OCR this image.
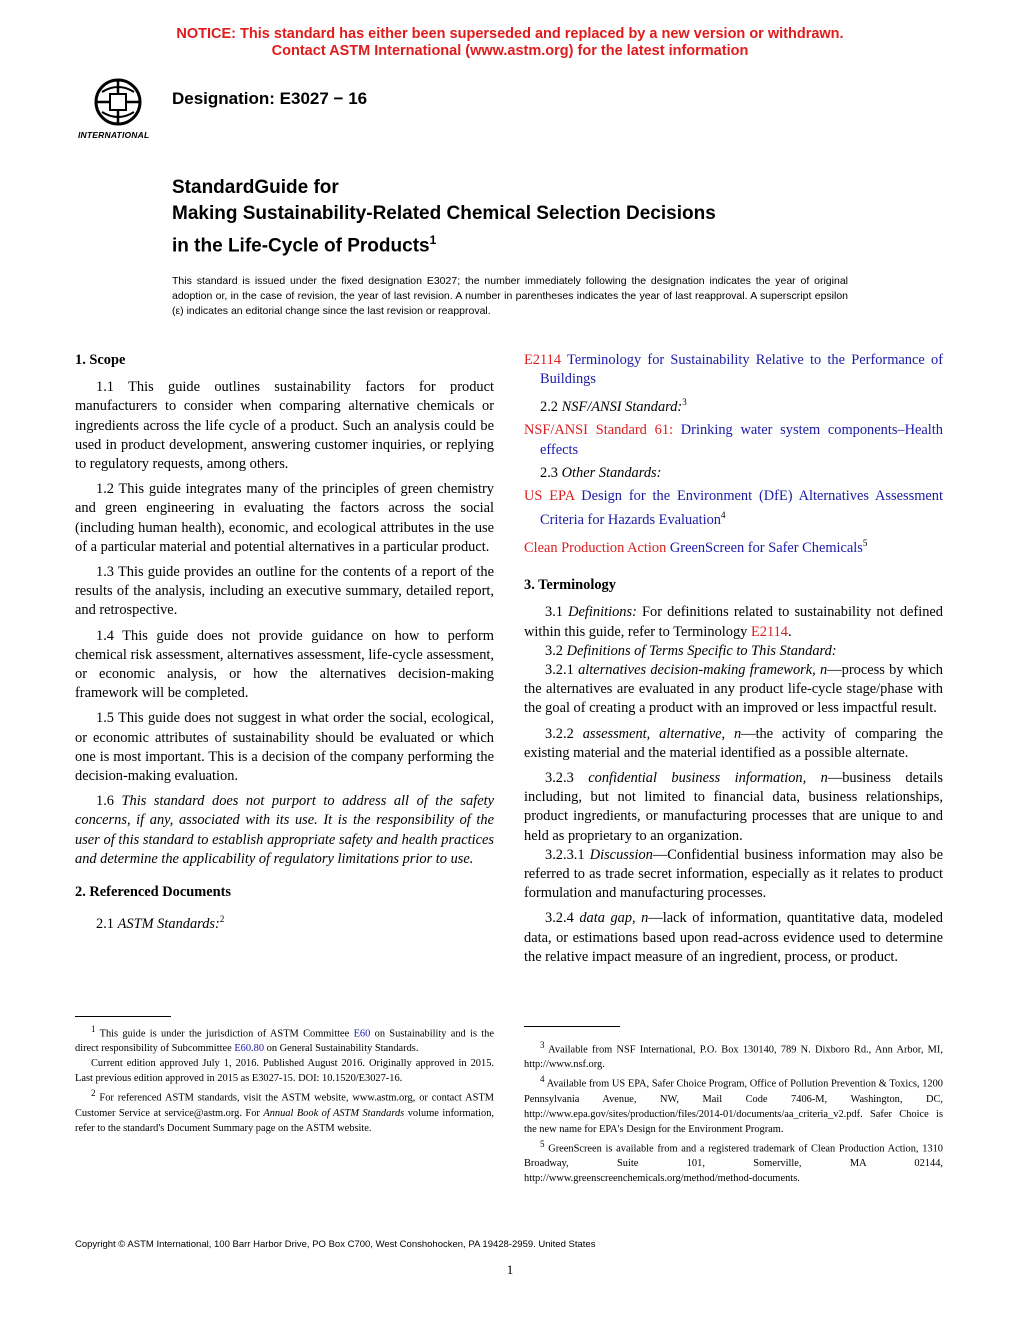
NOTICE: This standard has either been superseded and replaced by a new version or withdrawn.
Contact ASTM International (www.astm.org) for the latest information
INTERNATIONAL
Designation: E3027 − 16
StandardGuide for
Making Sustainability-Related Chemical Selection Decisions
in the Life-Cycle of Products$^1$
This standard is issued under the fixed designation E3027; the number immediately following the designation indicates the year of original adoption or, in the case of revision, the year of last revision. A number in parentheses indicates the year of last reapproval. A superscript epsilon (ε) indicates an editorial change since the last revision or reapproval.
1. Scope

1.1 This guide outlines sustainability factors for product manufacturers to consider when comparing alternative chemicals or ingredients across the life cycle of a product. Such an analysis could be used in product development, answering customer inquiries, or replying to regulatory requests, among others.

1.2 This guide integrates many of the principles of green chemistry and green engineering in evaluating the factors across the social (including human health), economic, and ecological attributes in the use of a particular material and potential alternatives in a particular product.

1.3 This guide provides an outline for the contents of a report of the results of the analysis, including an executive summary, detailed report, and retrospective.

1.4 This guide does not provide guidance on how to perform chemical risk assessment, alternatives assessment, life-cycle assessment, or economic analysis, or how the alternatives decision-making framework will be completed.

1.5 This guide does not suggest in what order the social, ecological, or economic attributes of sustainability should be evaluated or which one is most important. This is a decision of the company performing the decision-making evaluation.

1.6 This standard does not purport to address all of the safety concerns, if any, associated with its use. It is the responsibility of the user of this standard to establish appropriate safety and health practices and determine the applicability of regulatory limitations prior to use.

2. Referenced Documents

2.1 ASTM Standards:$^2$

E2114 Terminology for Sustainability Relative to the Performance of Buildings
2.2 NSF/ANSI Standard:$^3$
NSF/ANSI Standard 61: Drinking water system components–Health effects
2.3 Other Standards:
US EPA Design for the Environment (DfE) Alternatives Assessment Criteria for Hazards Evaluation$^4$
Clean Production Action GreenScreen for Safer Chemicals$^5$
3. Terminology

3.1 Definitions: For definitions related to sustainability not defined within this guide, refer to Terminology E2114.

3.2 Definitions of Terms Specific to This Standard:

3.2.1 alternatives decision-making framework, n—process by which the alternatives are evaluated in any product life-cycle stage/phase with the goal of creating a product with an improved or less impactful result.

3.2.2 assessment, alternative, n—the activity of comparing the existing material and the material identified as a possible alternate.

3.2.3 confidential business information, n—business details including, but not limited to financial data, business relationships, product ingredients, or manufacturing processes that are unique to and held as proprietary to an organization.

3.2.3.1 Discussion—Confidential business information may also be referred to as trade secret information, especially as it relates to product formulation and manufacturing processes.

3.2.4 data gap, n—lack of information, quantitative data, modeled data, or estimations based upon read-across evidence used to determine the relative impact measure of an ingredient, process, or product.

$^1$ This guide is under the jurisdiction of ASTM Committee E60 on Sustainability and is the direct responsibility of Subcommittee E60.80 on General Sustainability Standards.

Current edition approved July 1, 2016. Published August 2016. Originally approved in 2015. Last previous edition approved in 2015 as E3027-15. DOI: 10.1520/E3027-16.

$^2$ For referenced ASTM standards, visit the ASTM website, www.astm.org, or contact ASTM Customer Service at service@astm.org. For Annual Book of ASTM Standards volume information, refer to the standard's Document Summary page on the ASTM website.

$^3$ Available from NSF International, P.O. Box 130140, 789 N. Dixboro Rd., Ann Arbor, MI, http://www.nsf.org.

$^4$ Available from US EPA, Safer Choice Program, Office of Pollution Prevention & Toxics, 1200 Pennsylvania Avenue, NW, Mail Code 7406-M, Washington, DC, http://www.epa.gov/sites/production/files/2014-01/documents/aa_criteria_v2.pdf. Safer Choice is the new name for EPA's Design for the Environment Program.

$^5$ GreenScreen is available from and a registered trademark of Clean Production Action, 1310 Broadway, Suite 101, Somerville, MA 02144, http://www.greenscreenchemicals.org/method/method-documents.

Copyright © ASTM International, 100 Barr Harbor Drive, PO Box C700, West Conshohocken, PA 19428-2959. United States
1
